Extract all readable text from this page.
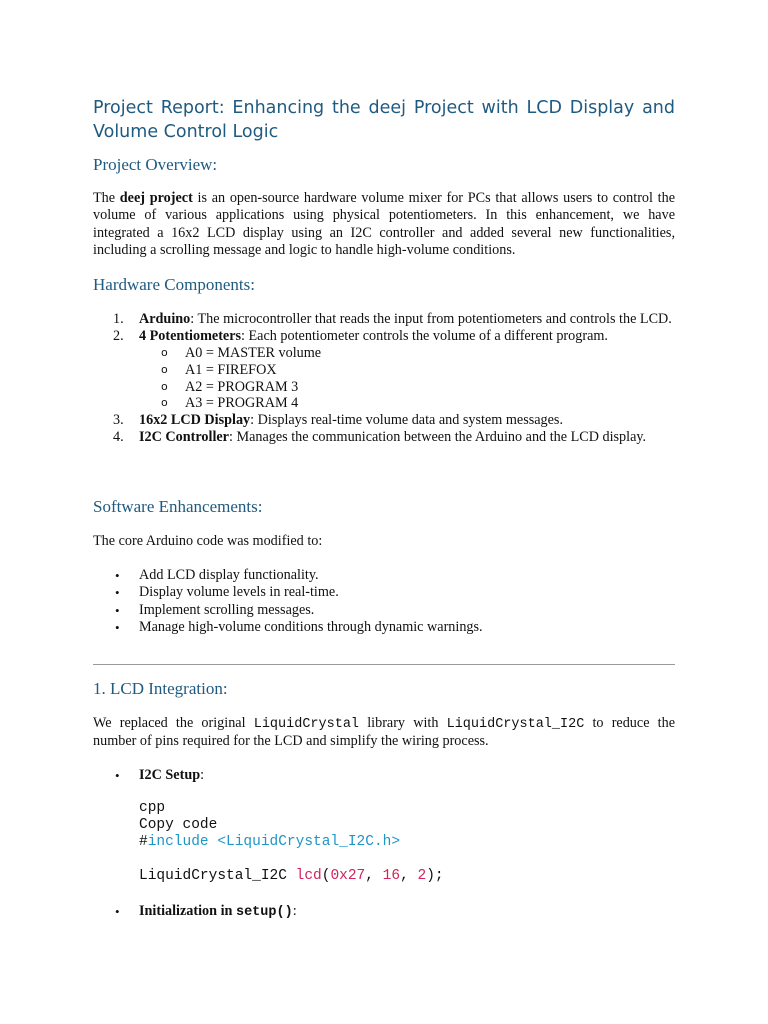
Project Report: Enhancing the deej Project with LCD Display and Volume Control Logic
Project Overview:

The deej project is an open-source hardware volume mixer for PCs that allows users to control the volume of various applications using physical potentiometers. In this enhancement, we have integrated a 16x2 LCD display using an I2C controller and added several new functionalities, including a scrolling message and logic to handle high-volume conditions.

Hardware Components:
1. Arduino: The microcontroller that reads the input from potentiometers and controls the LCD.
2. 4 Potentiometers: Each potentiometer controls the volume of a different program.
o A0 = MASTER volume
o A1 = FIREFOX
o A2 = PROGRAM 3
o A3 = PROGRAM 4
3. 16x2 LCD Display: Displays real-time volume data and system messages.
4. I2C Controller: Manages the communication between the Arduino and the LCD display.
Software Enhancements:

The core Arduino code was modified to:

• Add LCD display functionality.
• Display volume levels in real-time.
• Implement scrolling messages.
• Manage high-volume conditions through dynamic warnings.
1. LCD Integration:

We replaced the original LiquidCrystal library with LiquidCrystal_I2C to reduce the number of pins required for the LCD and simplify the wiring process.

• I2C Setup:
cpp
Copy code
#include <LiquidCrystal_I2C.h>
LiquidCrystal_I2C lcd(0x27, 16, 2);
• Initialization in setup():
